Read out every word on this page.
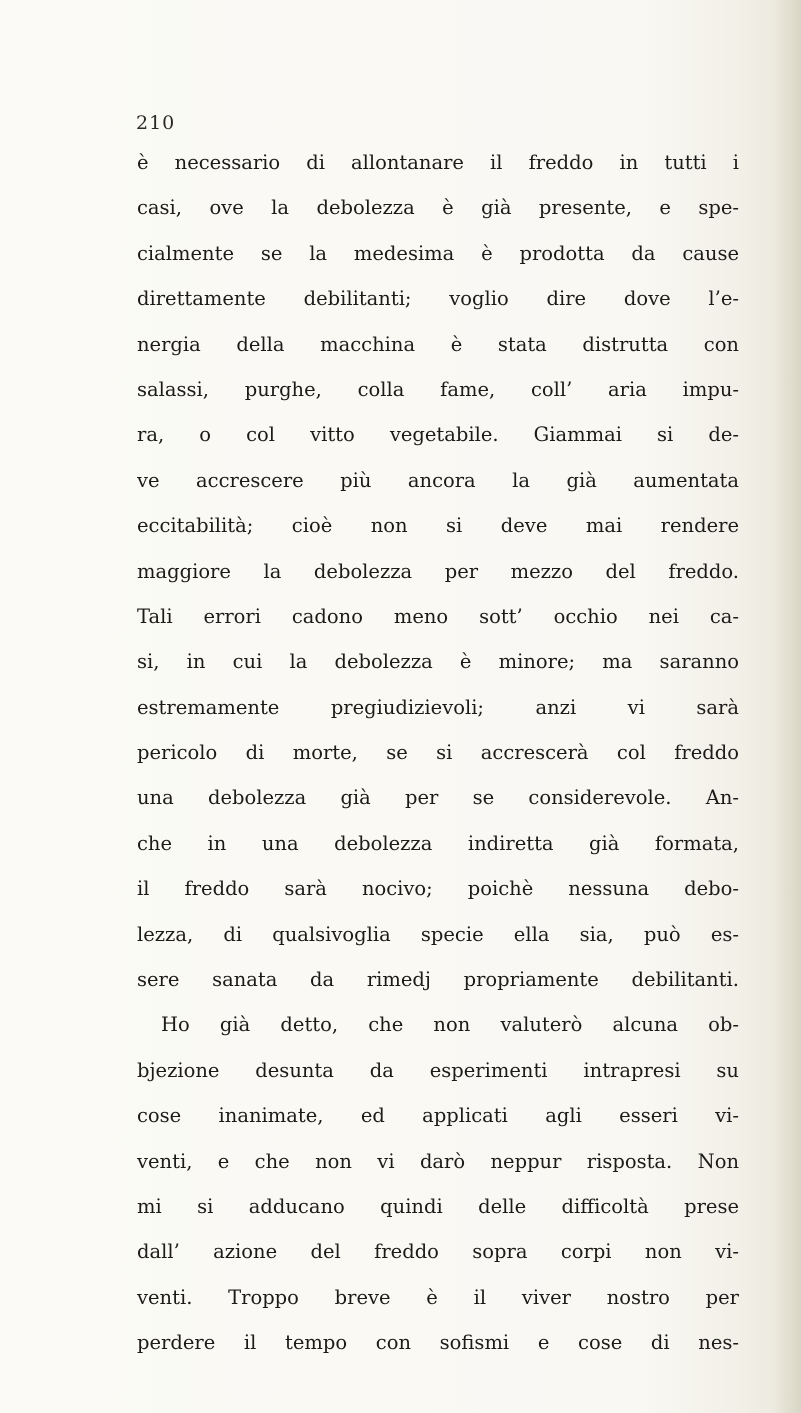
210
è necessario di allontanare il freddo in tutti i
casi, ove la debolezza è già presente, e spe-
cialmente se la medesima è prodotta da cause
direttamente debilitanti; voglio dire dove l’e-
nergia della macchina è stata distrutta con
salassi, purghe, colla fame, coll’ aria impu-
ra, o col vitto vegetabile. Giammai si de-
ve accrescere più ancora la già aumentata
eccitabilità; cioè non si deve mai rendere
maggiore la debolezza per mezzo del freddo.
Tali errori cadono meno sott’ occhio nei ca-
si, in cui la debolezza è minore; ma saranno
estremamente pregiudizievoli; anzi vi sarà
pericolo di morte, se si accrescerà col freddo
una debolezza già per se considerevole. An-
che in una debolezza indiretta già formata,
il freddo sarà nocivo; poichè nessuna debo-
lezza, di qualsivoglia specie ella sia, può es-
sere sanata da rimedj propriamente debilitanti.
Ho già detto, che non valuterò alcuna ob-
bjezione desunta da esperimenti intrapresi su
cose inanimate, ed applicati agli esseri vi-
venti, e che non vi darò neppur risposta. Non
mi si adducano quindi delle difficoltà prese
dall’ azione del freddo sopra corpi non vi-
venti. Troppo breve è il viver nostro per
perdere il tempo con sofismi e cose di nes-
